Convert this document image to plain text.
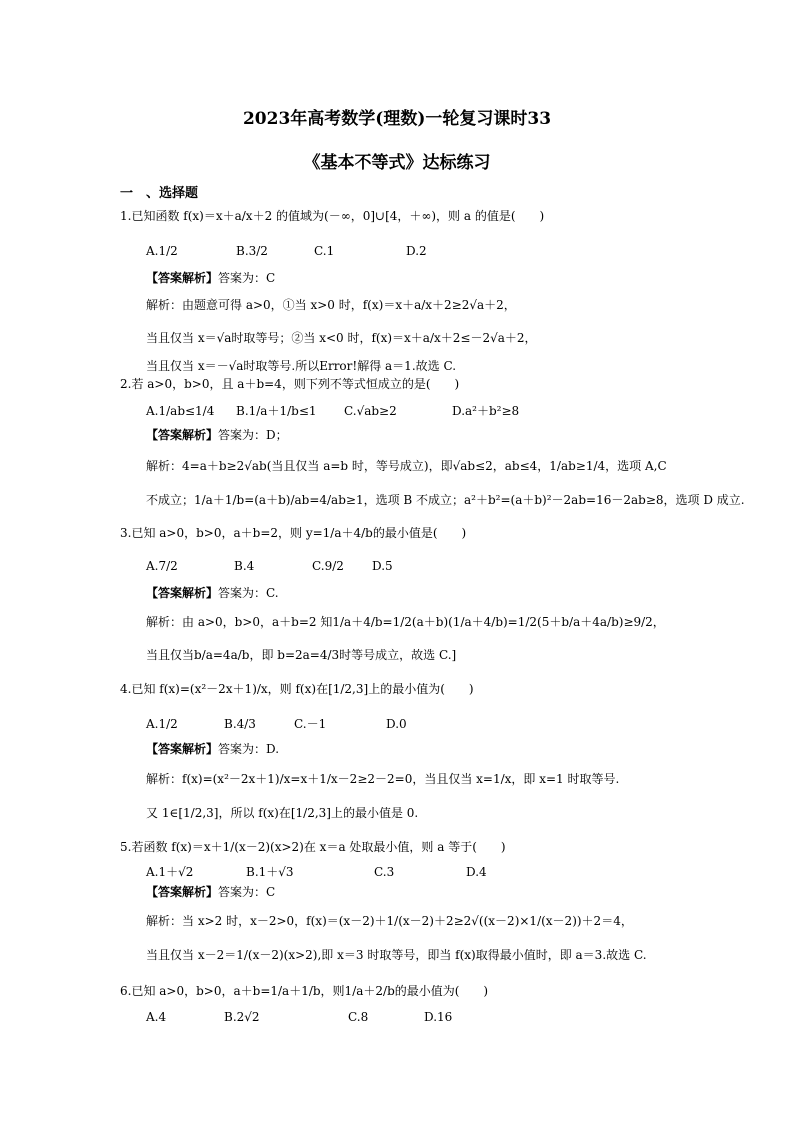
2023年高考数学(理数)一轮复习课时33
《基本不等式》达标练习
一　、选择题
1.已知函数 f(x)＝x＋a/x＋2 的值域为(－∞，0]∪[4，＋∞)，则 a 的值是(　　)
A.1/2	B.3/2	C.1	D.2
【答案解析】答案为：C
解析：由题意可得 a>0，①当 x>0 时，f(x)＝x＋a/x＋2≥2√a＋2，
当且仅当 x＝√a时取等号；②当 x<0 时，f(x)＝x＋a/x＋2≤－2√a＋2，
当且仅当 x＝－√a时取等号.所以Error!解得 a＝1.故选 C.
2.若 a>0，b>0，且 a＋b=4，则下列不等式恒成立的是(　　)
A.1/ab≤1/4	B.1/a＋1/b≤1	C.√ab≥2	D.a²＋b²≥8
【答案解析】答案为：D；
解析：4=a＋b≥2√ab(当且仅当 a=b 时，等号成立)，即√ab≤2，ab≤4，1/ab≥1/4，选项 A,C
不成立；1/a＋1/b=(a＋b)/ab=4/ab≥1，选项 B 不成立；a²＋b²=(a＋b)²－2ab=16－2ab≥8，选项 D 成立.
3.已知 a>0，b>0，a＋b=2，则 y=1/a＋4/b的最小值是(　　)
A.7/2	B.4	C.9/2	D.5
【答案解析】答案为：C.
解析：由 a>0，b>0，a＋b=2 知1/a＋4/b=1/2(a＋b)(1/a＋4/b)=1/2(5＋b/a＋4a/b)≥9/2，
当且仅当b/a=4a/b，即 b=2a=4/3时等号成立，故选 C.]
4.已知 f(x)=(x²－2x＋1)/x，则 f(x)在[1/2,3]上的最小值为(　　)
A.1/2	B.4/3	C.－1	D.0
【答案解析】答案为：D.
解析：f(x)=(x²－2x＋1)/x=x＋1/x－2≥2－2=0，当且仅当 x=1/x，即 x=1 时取等号.
又 1∈[1/2,3]，所以 f(x)在[1/2,3]上的最小值是 0.
5.若函数 f(x)＝x＋1/(x－2)(x>2)在 x＝a 处取最小值，则 a 等于(　　)
A.1＋√2	B.1＋√3	C.3	D.4
【答案解析】答案为：C
解析：当 x>2 时，x－2>0，f(x)＝(x－2)＋1/(x－2)＋2≥2√((x－2)×1/(x－2))＋2＝4，
当且仅当 x－2＝1/(x－2)(x>2),即 x＝3 时取等号，即当 f(x)取得最小值时，即 a＝3.故选 C.
6.已知 a>0，b>0，a＋b=1/a＋1/b，则1/a＋2/b的最小值为(　　)
A.4	B.2√2	C.8	D.16
